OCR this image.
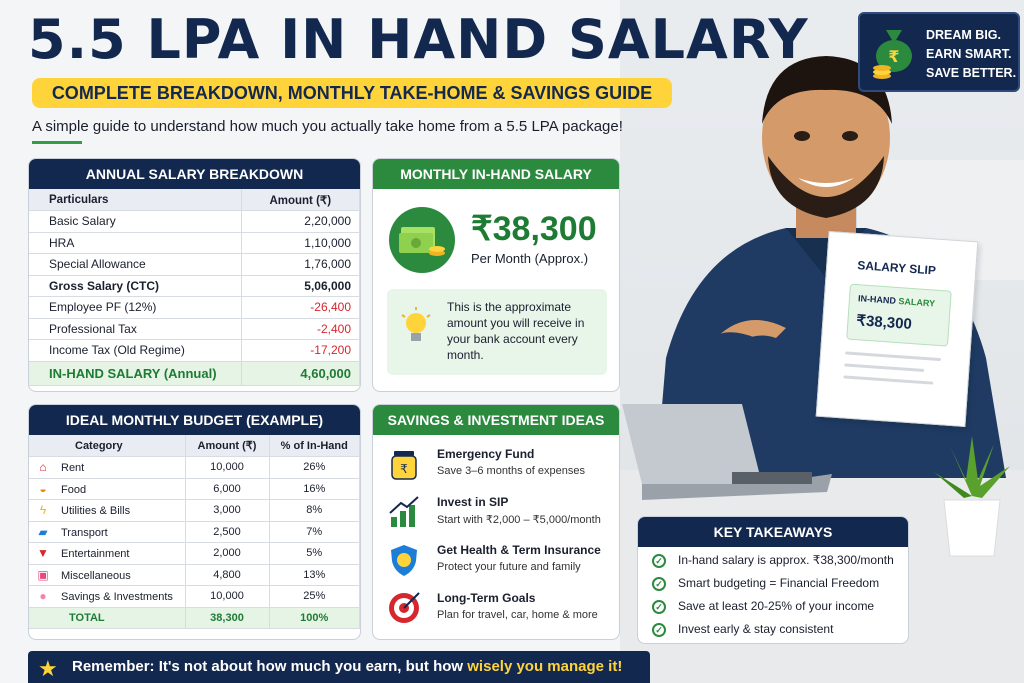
SALARY SLIP
IN-HAND SALARY
₹38,300
5.5 LPA IN HAND SALARY
COMPLETE BREAKDOWN, MONTHLY TAKE-HOME & SAVINGS GUIDE
A simple guide to understand how much you actually take home from a 5.5 LPA package!
₹
DREAM BIG.
EARN SMART.
SAVE BETTER.
ANNUAL SALARY BREAKDOWN
Particulars	Amount (₹)
Basic Salary	2,20,000
HRA	1,10,000
Special Allowance	1,76,000
Gross Salary (CTC)	5,06,000
Employee PF (12%)	-26,400
Professional Tax	-2,400
Income Tax (Old Regime)	-17,200
IN-HAND SALARY (Annual)	4,60,000
MONTHLY IN-HAND SALARY
₹38,300
Per Month (Approx.)
This is the approximate amount you will receive in your bank account every month.
IDEAL MONTHLY BUDGET (EXAMPLE)
Category	Amount (₹)	% of In-Hand
⌂ Rent	10,000	26%
◒ Food	6,000	16%
ϟ Utilities & Bills	3,000	8%
▰ Transport	2,500	7%
▼ Entertainment	2,000	5%
▣ Miscellaneous	4,800	13%
● Savings & Investments	10,000	25%
TOTAL	38,300	100%
SAVINGS & INVESTMENT IDEAS
₹
Emergency Fund
Save 3–6 months of expenses
Invest in SIP
Start with ₹2,000 – ₹5,000/month
Get Health & Term Insurance
Protect your future and family
Long-Term Goals
Plan for travel, car, home & more
KEY TAKEAWAYS
✓ In-hand salary is approx. ₹38,300/month
✓ Smart budgeting = Financial Freedom
✓ Save at least 20-25% of your income
✓ Invest early & stay consistent
★ Remember: It's not about how much you earn, but how wisely you manage it!
